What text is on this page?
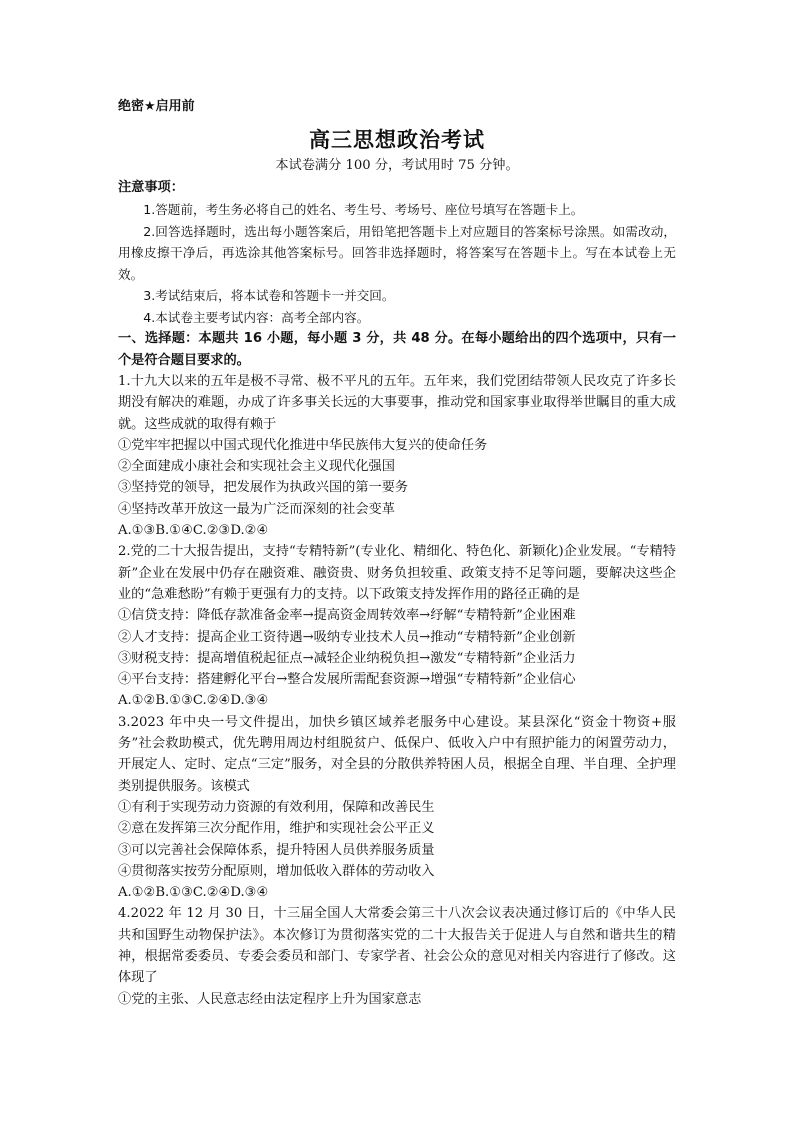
绝密★启用前

高三思想政治考试

本试卷满分 100 分，考试用时 75 分钟。

注意事项：

1.答题前，考生务必将自己的姓名、考生号、考场号、座位号填写在答题卡上。

2.回答选择题时，选出每小题答案后，用铅笔把答题卡上对应题目的答案标号涂黑。如需改动，用橡皮擦干净后，再选涂其他答案标号。回答非选择题时，将答案写在答题卡上。写在本试卷上无效。

3.考试结束后，将本试卷和答题卡一并交回。

4.本试卷主要考试内容：高考全部内容。

一、选择题：本题共 16 小题，每小题 3 分，共 48 分。在每小题给出的四个选项中，只有一个是符合题目要求的。

1.十九大以来的五年是极不寻常、极不平凡的五年。五年来，我们党团结带领人民攻克了许多长期没有解决的难题，办成了许多事关长远的大事要事，推动党和国家事业取得举世瞩目的重大成就。这些成就的取得有赖于

①党牢牢把握以中国式现代化推进中华民族伟大复兴的使命任务

②全面建成小康社会和实现社会主义现代化强国

③坚持党的领导，把发展作为执政兴国的第一要务

④坚持改革开放这一最为广泛而深刻的社会变革

A.①③B.①④C.②③D.②④

2.党的二十大报告提出，支持“专精特新”(专业化、精细化、特色化、新颖化)企业发展。“专精特新”企业在发展中仍存在融资难、融资贵、财务负担较重、政策支持不足等问题，要解决这些企业的“急难愁盼”有赖于更强有力的支持。以下政策支持发挥作用的路径正确的是

①信贷支持：降低存款准备金率→提高资金周转效率→纾解“专精特新”企业困难

②人才支持：提高企业工资待遇→吸纳专业技术人员→推动“专精特新”企业创新

③财税支持：提高增值税起征点→减轻企业纳税负担→激发“专精特新”企业活力

④平台支持：搭建孵化平台→整合发展所需配套资源→增强“专精特新”企业信心

A.①②B.①③C.②④D.③④

3.2023 年中央一号文件提出，加快乡镇区域养老服务中心建设。某县深化“资金十物资+服务”社会救助模式，优先聘用周边村组脱贫户、低保户、低收入户中有照护能力的闲置劳动力，开展定人、定时、定点“三定”服务，对全县的分散供养特困人员，根据全自理、半自理、全护理类别提供服务。该模式

①有利于实现劳动力资源的有效利用，保障和改善民生

②意在发挥第三次分配作用，维护和实现社会公平正义

③可以完善社会保障体系，提升特困人员供养服务质量

④贯彻落实按劳分配原则，增加低收入群体的劳动收入

A.①②B.①③C.②④D.③④

4.2022 年 12 月 30 日，十三届全国人大常委会第三十八次会议表决通过修订后的《中华人民共和国野生动物保护法》。本次修订为贯彻落实党的二十大报告关于促进人与自然和谐共生的精神，根据常委委员、专委会委员和部门、专家学者、社会公众的意见对相关内容进行了修改。这体现了

①党的主张、人民意志经由法定程序上升为国家意志
